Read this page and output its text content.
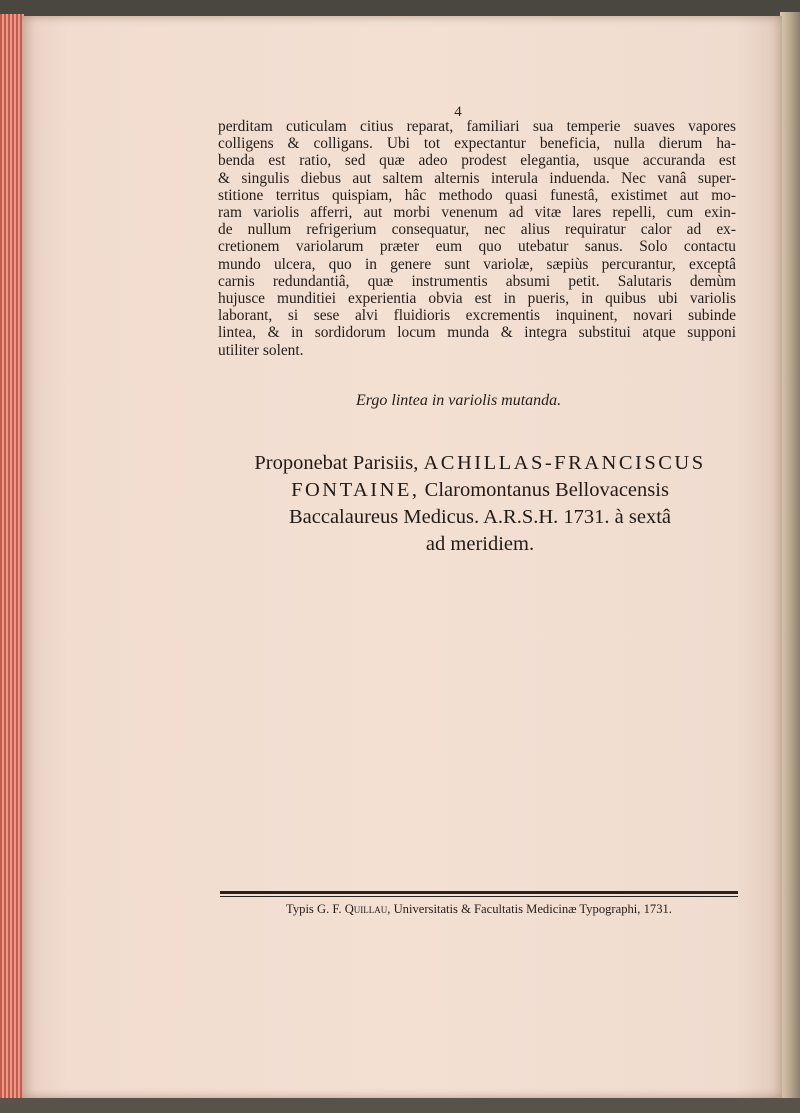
4
perditam cuticulam citius reparat, familiari sua temperie suaves vapores
colligens & colligans. Ubi tot expectantur beneficia, nulla dierum ha-
benda est ratio, sed quæ adeo prodest elegantia, usque accuranda est
& singulis diebus aut saltem alternis interula induenda. Nec vanâ super-
stitione territus quispiam, hâc methodo quasi funestâ, existimet aut mo-
ram variolis afferri, aut morbi venenum ad vitæ lares repelli, cum exin-
de nullum refrigerium consequatur, nec alius requiratur calor ad ex-
cretionem variolarum præter eum quo utebatur sanus. Solo contactu
mundo ulcera, quo in genere sunt variolæ, sæpiùs percurantur, exceptâ
carnis redundantiâ, quæ instrumentis absumi petit. Salutaris demùm
hujusce munditiei experientia obvia est in pueris, in quibus ubi variolis
laborant, si sese alvi fluidioris excrementis inquinent, novari subinde
lintea, & in sordidorum locum munda & integra substitui atque supponi
utiliter solent.
Ergo lintea in variolis mutanda.
Proponebat Parisiis, ACHILLAS-FRANCISCUS
FONTAINE, Claromontanus Bellovacensis
Baccalaureus Medicus. A.R.S.H. 1731. à sextâ
ad meridiem.
Typis G. F. Quillau, Universitatis & Facultatis Medicinæ Typographi, 1731.
